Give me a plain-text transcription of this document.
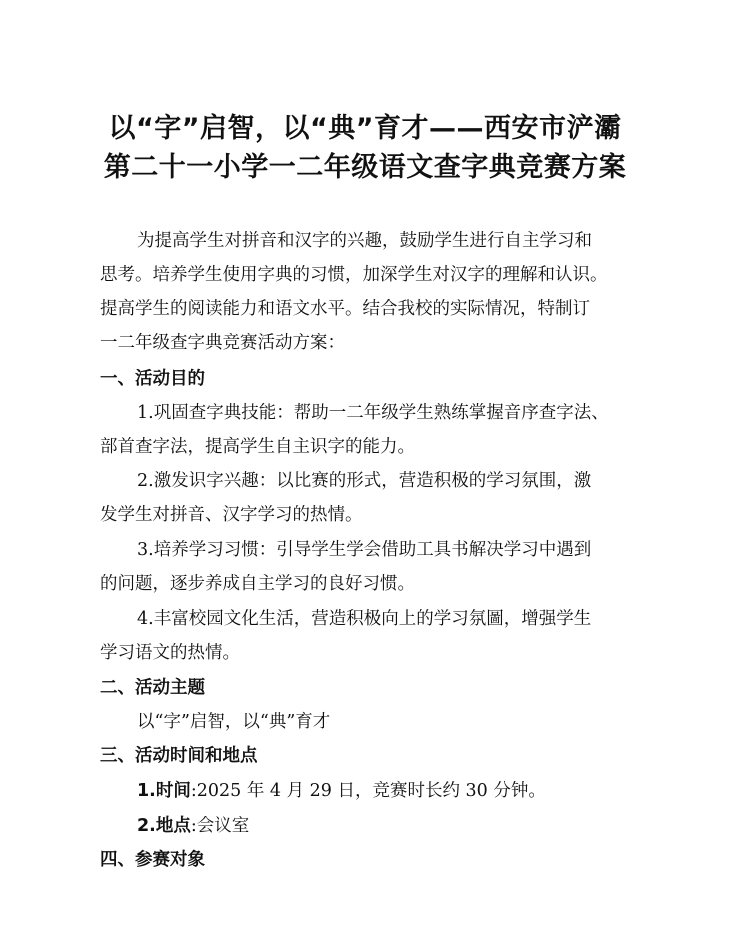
以“字”启智，以“典”育才——西安市浐灞
第二十一小学一二年级语文查字典竞赛方案
为提高学生对拼音和汉字的兴趣，鼓励学生进行自主学习和
思考。培养学生使用字典的习惯，加深学生对汉字的理解和认识。
提高学生的阅读能力和语文水平。结合我校的实际情况，特制订
一二年级查字典竞赛活动方案：
一、活动目的
1.巩固查字典技能：帮助一二年级学生熟练掌握音序查字法、
部首查字法，提高学生自主识字的能力。
2.激发识字兴趣：以比赛的形式，营造积极的学习氛围，激
发学生对拼音、汉字学习的热情。
3.培养学习习惯：引导学生学会借助工具书解决学习中遇到
的问题，逐步养成自主学习的良好习惯。
4.丰富校园文化生活，营造积极向上的学习氛圖，增强学生
学习语文的热情。
二、活动主题
以“字”启智，以“典”育才
三、活动时间和地点
1.时间:2025 年 4 月 29 日，竞赛时长约 30 分钟。
2.地点:会议室
四、参赛对象
